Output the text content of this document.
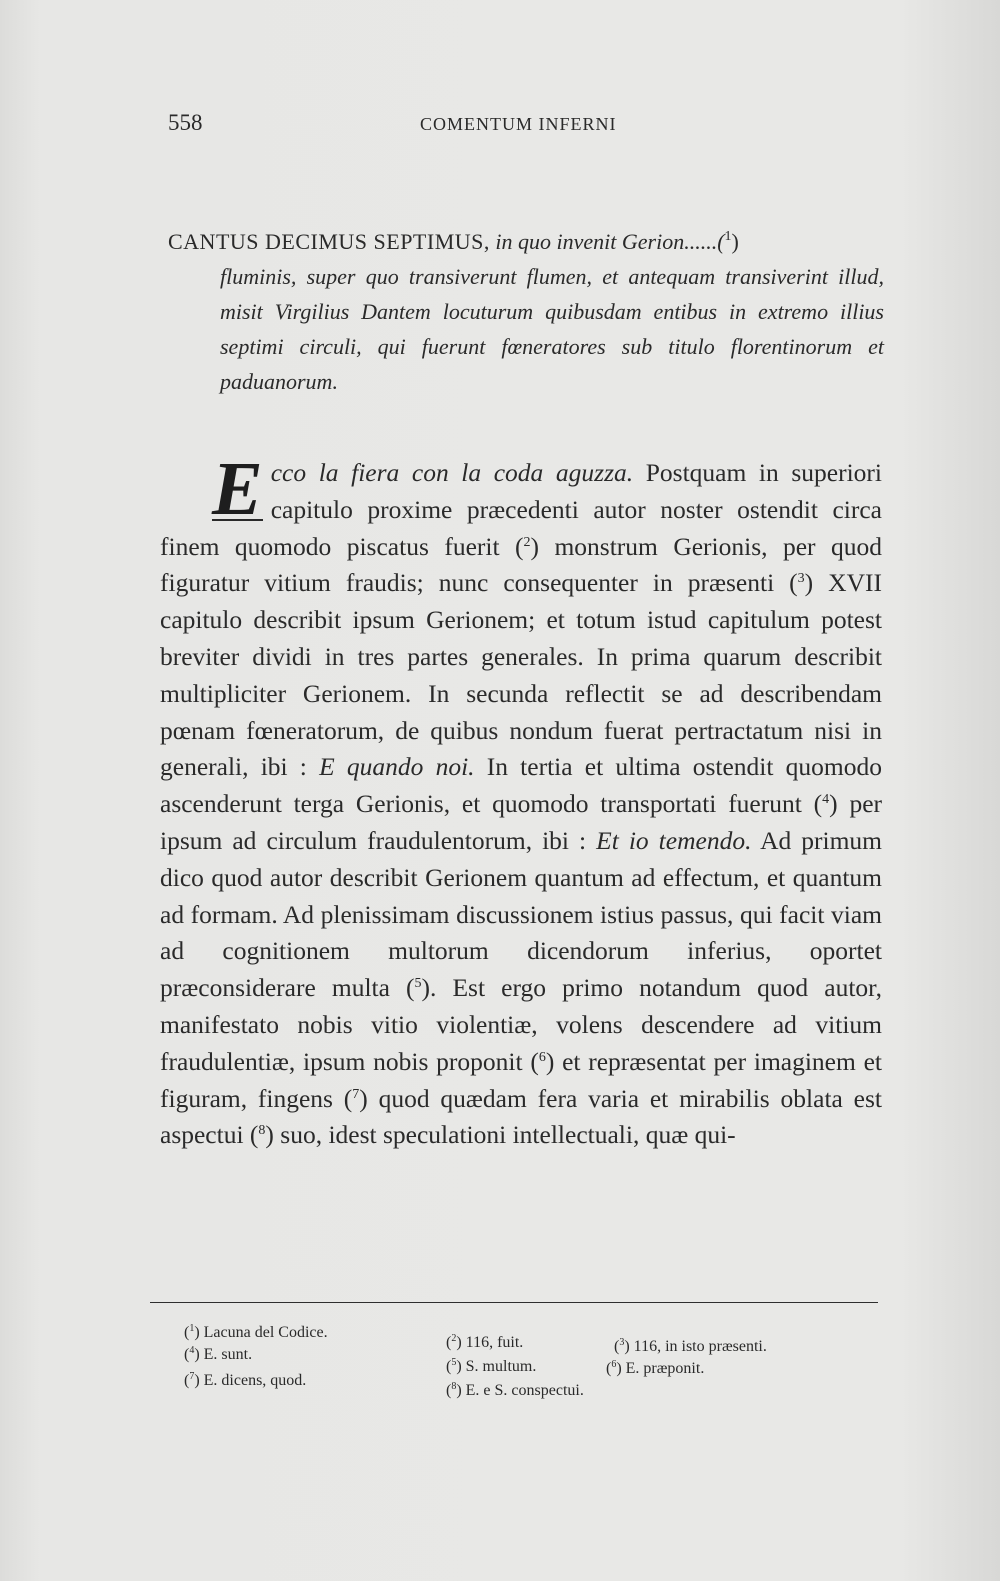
558	COMENTUM INFERNI
CANTUS DECIMUS SEPTIMUS, in quo invenit Gerion......($^1$)
fluminis, super quo transiverunt flumen, et antequam transiverint illud, misit Virgilius Dantem locuturum quibusdam entibus in extremo illius septimi circuli, qui fuerunt fœneratores sub titulo florentinorum et paduanorum.
E cco la fiera con la coda aguzza. Postquam in superiori capitulo proxime præcedenti autor noster ostendit circa finem quomodo piscatus fuerit ($^2$) monstrum Gerionis, per quod figuratur vitium fraudis; nunc consequenter in præsenti ($^3$) XVII capitulo describit ipsum Gerionem; et totum istud capitulum potest breviter dividi in tres partes generales. In prima quarum describit multipliciter Gerionem. In secunda reflectit se ad describendam pœnam fœneratorum, de quibus nondum fuerat pertractatum nisi in generali, ibi : E quando noi. In tertia et ultima ostendit quomodo ascenderunt terga Gerionis, et quomodo transportati fuerunt ($^4$) per ipsum ad circulum fraudulentorum, ibi : Et io temendo. Ad primum dico quod autor describit Gerionem quantum ad effectum, et quantum ad formam. Ad plenissimam discussionem istius passus, qui facit viam ad cognitionem multorum dicendorum inferius, oportet præconsiderare multa ($^5$). Est ergo primo notandum quod autor, manifestato nobis vitio violentiæ, volens descendere ad vitium fraudulentiæ, ipsum nobis proponit ($^6$) et repræsentat per imaginem et figuram, fingens ($^7$) quod quædam fera varia et mirabilis oblata est aspectui ($^8$) suo, idest speculationi intellectuali, quæ qui-
($^1$) Lacuna del Codice.
($^2$) 116, fuit.	($^3$) 116, in isto præsenti.
($^4$) E. sunt.
($^5$) S. multum.	($^6$) E. præponit.
($^7$) E. dicens, quod.
($^8$) E. e S. conspectui.
